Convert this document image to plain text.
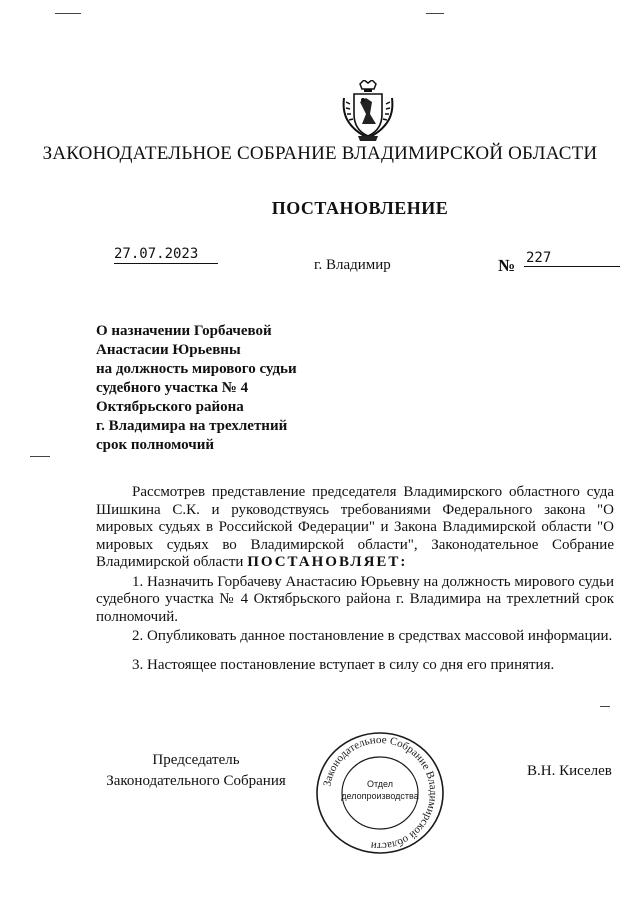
ЗАКОНОДАТЕЛЬНОЕ СОБРАНИЕ ВЛАДИМИРСКОЙ ОБЛАСТИ
ПОСТАНОВЛЕНИЕ
27.07.2023
г. Владимир	№ 227
О назначении Горбачевой
Анастасии Юрьевны
на должность мирового судьи
судебного участка № 4
Октябрьского района
г. Владимира на трехлетний
срок полномочий

Рассмотрев представление председателя Владимирского областного суда Шишкина С.К. и руководствуясь требованиями Федерального закона "О мировых судьях в Российской Федерации" и Закона Владимирской области "О мировых судьях во Владимирской области", Законодательное Собрание Владимирской области ПОСТАНОВЛЯЕТ:

1. Назначить Горбачеву Анастасию Юрьевну на должность мирового судьи судебного участка № 4 Октябрьского района г. Владимира на трехлетний срок полномочий.

2. Опубликовать данное постановление в средствах массовой информации.

3. Настоящее постановление вступает в силу со дня его принятия.

Председатель
Законодательного Собрания
В.Н. Киселев
Законодательное Собрание Владимирской области
Отдел
делопроизводства
